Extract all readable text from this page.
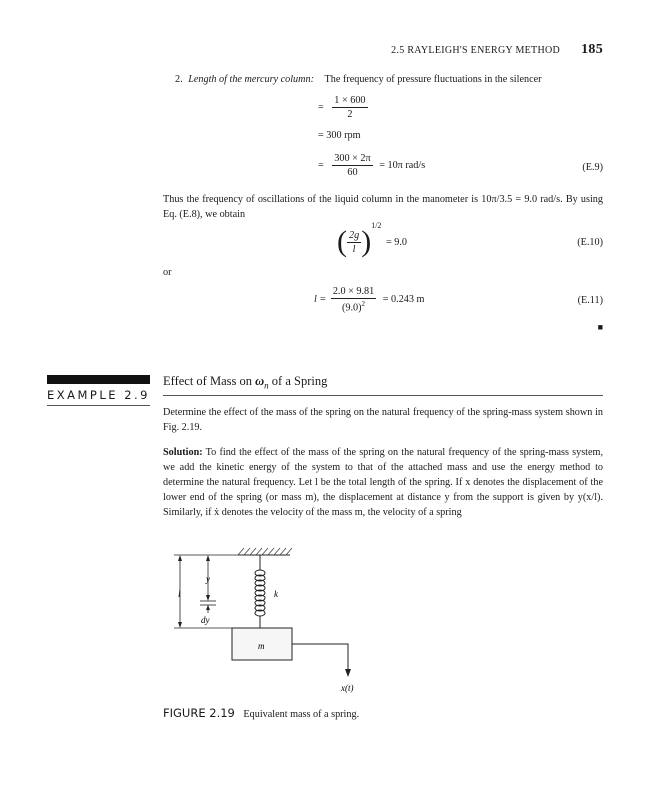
2.5 RAYLEIGH'S ENERGY METHOD 185
2. Length of the mercury column: The frequency of pressure fluctuations in the silencer
= $\frac{1 \times 600}{2}$
= 300 rpm
= $\frac{300 \times 2\pi}{60} = 10\pi$ rad/s	(E.9)
Thus the frequency of oscillations of the liquid column in the manometer is 10π/3.5 = 9.0 rad/s. By using Eq. (E.8), we obtain
( $\frac{2g}{l} )^{1/2} = 9.0$	(E.10)
or
$l = \frac{2.0 \times 9.81}{(9.0)^2} = 0.243$ m	(E.11)
■
EXAMPLE 2.9
Effect of Mass on $\omega_n$ of a Spring
Determine the effect of the mass of the spring on the natural frequency of the spring-mass system shown in Fig. 2.19.
Solution: To find the effect of the mass of the spring on the natural frequency of the spring-mass system, we add the kinetic energy of the system to that of the attached mass and use the energy method to determine the natural frequency. Let l be the total length of the spring. If x denotes the displacement of the lower end of the spring (or mass m), the displacement at distance y from the support is given by y(x/l). Similarly, if ẋ denotes the velocity of the mass m, the velocity of a spring
k
m
x(t)
l
y
dy
FIGURE 2.19 Equivalent mass of a spring.
